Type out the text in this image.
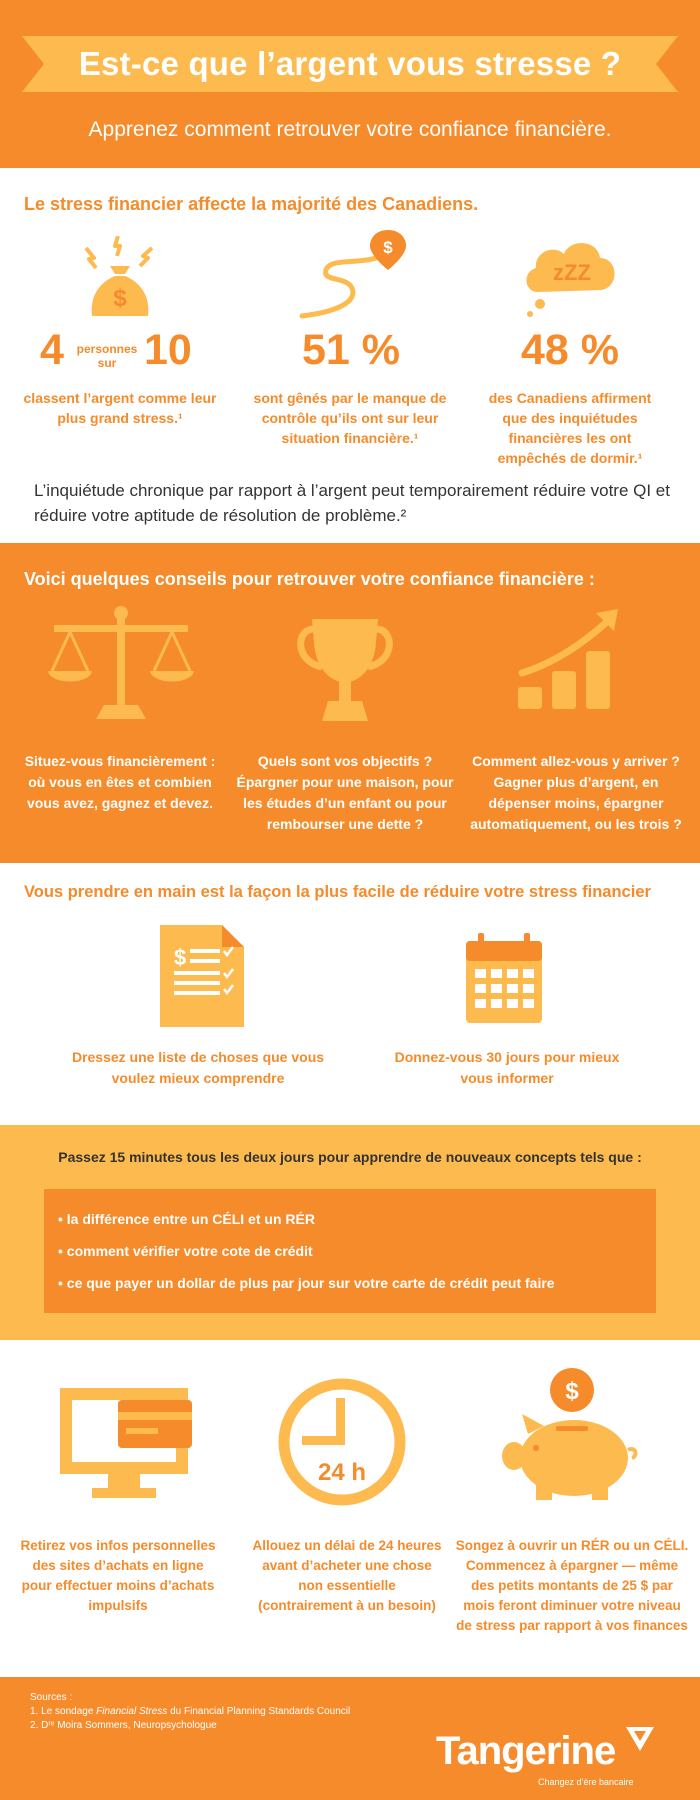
Est-ce que l’argent vous stresse ?
Apprenez comment retrouver votre confiance financière.
Le stress financier affecte la majorité des Canadiens.
$
4 personnes sur 10
classent l’argent comme leur plus grand stress.¹
$
51 %
sont gênés par le manque de contrôle qu’ils ont sur leur situation financière.¹
zZZ
48 %
des Canadiens affirment que des inquiétudes financières les ont empêchés de dormir.¹
L’inquiétude chronique par rapport à l’argent peut temporairement réduire votre QI et réduire votre aptitude de résolution de problème.²
Voici quelques conseils pour retrouver votre confiance financière :
Situez-vous financièrement : où vous en êtes et combien vous avez, gagnez et devez.
Quels sont vos objectifs ? Épargner pour une maison, pour les études d’un enfant ou pour rembourser une dette ?
Comment allez-vous y arriver ? Gagner plus d’argent, en dépenser moins, épargner automatiquement, ou les trois ?
Vous prendre en main est la façon la plus facile de réduire votre stress financier
$
Dressez une liste de choses que vous voulez mieux comprendre
Donnez-vous 30 jours pour mieux vous informer
Passez 15 minutes tous les deux jours pour apprendre de nouveaux concepts tels que :
• la différence entre un CÉLI et un RÉR
• comment vérifier votre cote de crédit
• ce que payer un dollar de plus par jour sur votre carte de crédit peut faire
Retirez vos infos personnelles des sites d’achats en ligne pour effectuer moins d’achats impulsifs
24 h
Allouez un délai de 24 heures avant d’acheter une chose non essentielle (contrairement à un besoin)
$
Songez à ouvrir un RÉR ou un CÉLI. Commencez à épargner — même des petits montants de 25 $ par mois feront diminuer votre niveau de stress par rapport à vos finances
Sources :
1. Le sondage Financial Stress du Financial Planning Standards Council
2. Dʳᵉ Moira Sommers, Neuropsychologue
Tangerine
Changez d’ère bancaire
